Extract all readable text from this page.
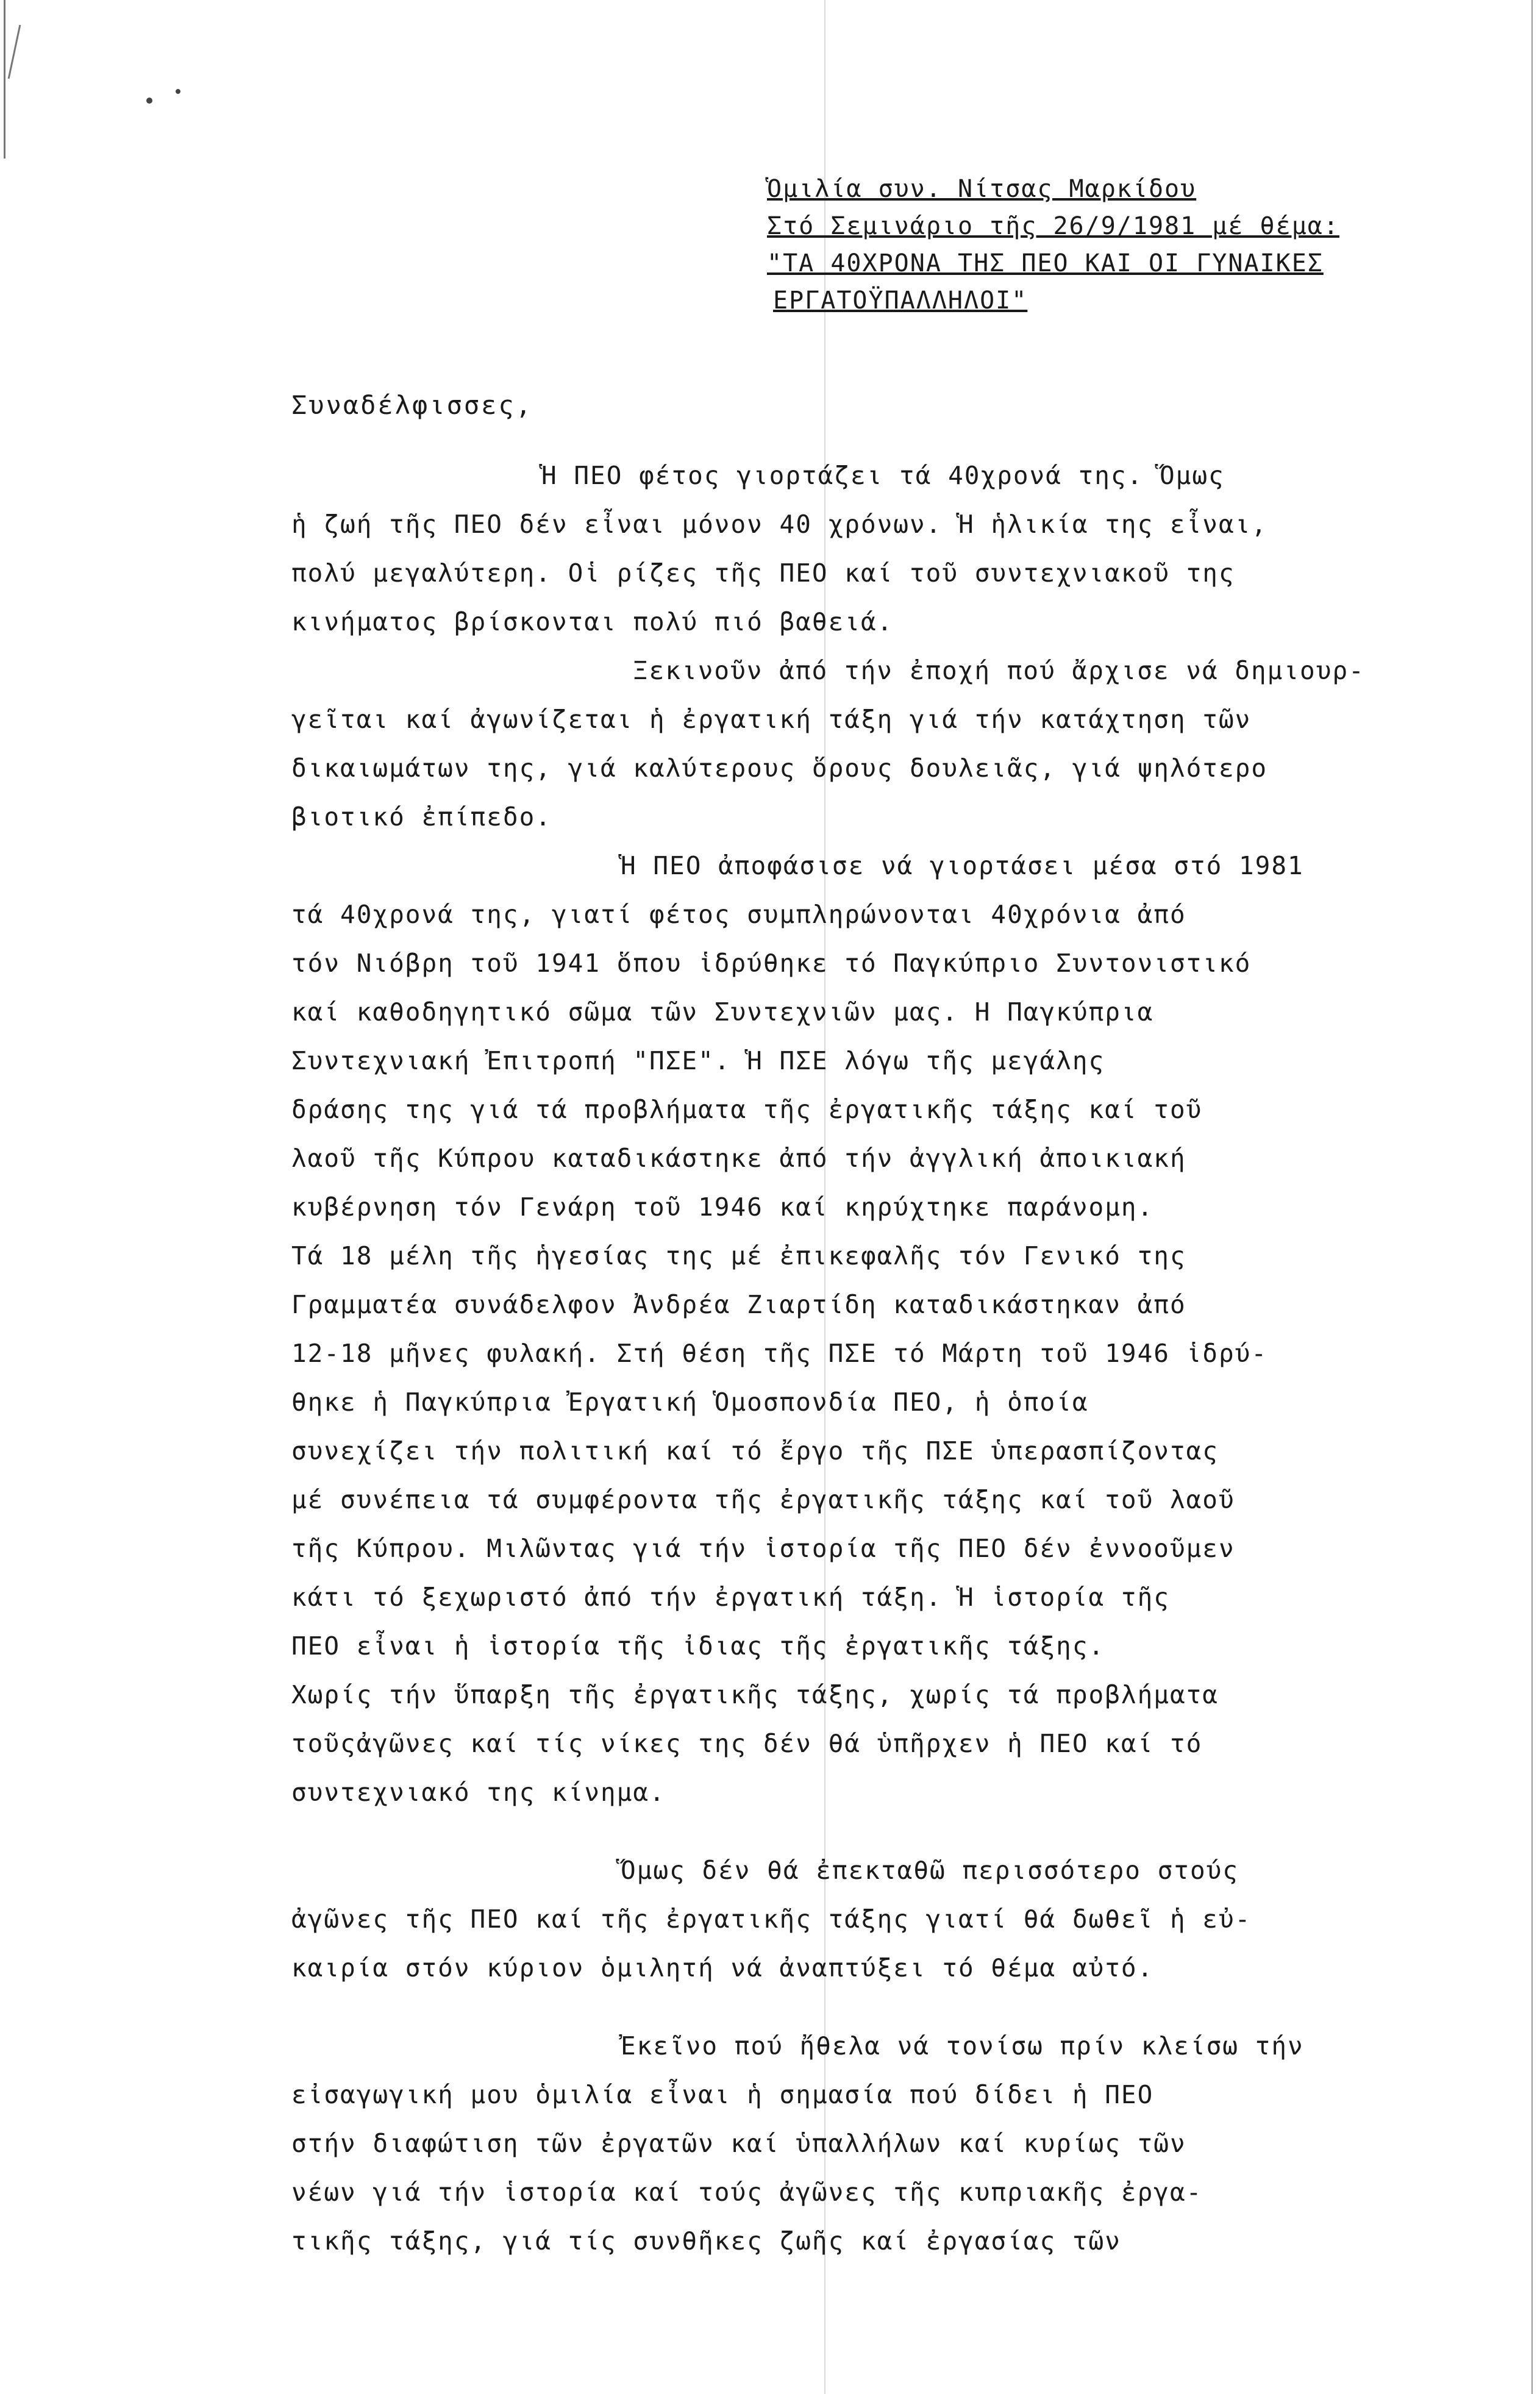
Ὁμιλία συν. Νίτσας Μαρκίδου
Στό Σεμινάριο τῆς 26/9/1981 μέ θέμα:
"ΤΑ 40ΧΡΟΝΑ ΤΗΣ ΠΕΟ ΚΑΙ ΟΙ ΓΥΝΑΙΚΕΣ
ΕΡΓΑΤΟΫΠΑΛΛΗΛΟΙ"
Συναδέλφισσες,
Ἡ ΠΕΟ φέτος γιορτάζει τά 40χρονά της. Ὅμως
ἡ ζωή τῆς ΠΕΟ δέν εἶναι μόνον 40 χρόνων. Ἡ ἡλικία της εἶναι,
πολύ μεγαλύτερη. Οἱ ρίζες τῆς ΠΕΟ καί τοῦ συντεχνιακοῦ της
κινήματος βρίσκονται πολύ πιό βαθειά.
Ξεκινοῦν ἀπό τήν ἐποχή πού ἄρχισε νά δημιουρ-
γεῖται καί ἀγωνίζεται ἡ ἐργατική τάξη γιά τήν κατάχτηση τῶν
δικαιωμάτων της, γιά καλύτερους ὅρους δουλειᾶς, γιά ψηλότερο
βιοτικό ἐπίπεδο.
Ἡ ΠΕΟ ἀποφάσισε νά γιορτάσει μέσα στό 1981
τά 40χρονά της, γιατί φέτος συμπληρώνονται 40χρόνια ἀπό
τόν Νιόβρη τοῦ 1941 ὅπου ἱδρύθηκε τό Παγκύπριο Συντονιστικό
καί καθοδηγητικό σῶμα τῶν Συντεχνιῶν μας. Η Παγκύπρια
Συντεχνιακή Ἐπιτροπή "ΠΣΕ". Ἡ ΠΣΕ λόγω τῆς μεγάλης
δράσης της γιά τά προβλήματα τῆς ἐργατικῆς τάξης καί τοῦ
λαοῦ τῆς Κύπρου καταδικάστηκε ἀπό τήν ἀγγλική ἀποικιακή
κυβέρνηση τόν Γενάρη τοῦ 1946 καί κηρύχτηκε παράνομη.
Τά 18 μέλη τῆς ἡγεσίας της μέ ἐπικεφαλῆς τόν Γενικό της
Γραμματέα συνάδελφον Ἀνδρέα Ζιαρτίδη καταδικάστηκαν ἀπό
12-18 μῆνες φυλακή. Στή θέση τῆς ΠΣΕ τό Μάρτη τοῦ 1946 ἱδρύ-
θηκε ἡ Παγκύπρια Ἐργατική Ὁμοσπονδία ΠΕΟ, ἡ ὁποία
συνεχίζει τήν πολιτική καί τό ἔργο τῆς ΠΣΕ ὑπερασπίζοντας
μέ συνέπεια τά συμφέροντα τῆς ἐργατικῆς τάξης καί τοῦ λαοῦ
τῆς Κύπρου. Μιλῶντας γιά τήν ἱστορία τῆς ΠΕΟ δέν ἐννοοῦμεν
κάτι τό ξεχωριστό ἀπό τήν ἐργατική τάξη. Ἡ ἱστορία τῆς
ΠΕΟ εἶναι ἡ ἱστορία τῆς ἰδιας τῆς ἐργατικῆς τάξης.
Χωρίς τήν ὕπαρξη τῆς ἐργατικῆς τάξης, χωρίς τά προβλήματα
τοῦςἀγῶνες καί τίς νίκες της δέν θά ὑπῆρχεν ἡ ΠΕΟ καί τό
συντεχνιακό της κίνημα.
Ὅμως δέν θά ἐπεκταθῶ περισσότερο στούς
ἀγῶνες τῆς ΠΕΟ καί τῆς ἐργατικῆς τάξης γιατί θά δωθεῖ ἡ εὐ-
καιρία στόν κύριον ὁμιλητή νά ἀναπτύξει τό θέμα αὐτό.
Ἐκεῖνο πού ἤθελα νά τονίσω πρίν κλείσω τήν
εἰσαγωγική μου ὁμιλία εἶναι ἡ σημασία πού δίδει ἡ ΠΕΟ
στήν διαφώτιση τῶν ἐργατῶν καί ὑπαλλήλων καί κυρίως τῶν
νέων γιά τήν ἱστορία καί τούς ἀγῶνες τῆς κυπριακῆς ἐργα-
τικῆς τάξης, γιά τίς συνθῆκες ζωῆς καί ἐργασίας τῶν
